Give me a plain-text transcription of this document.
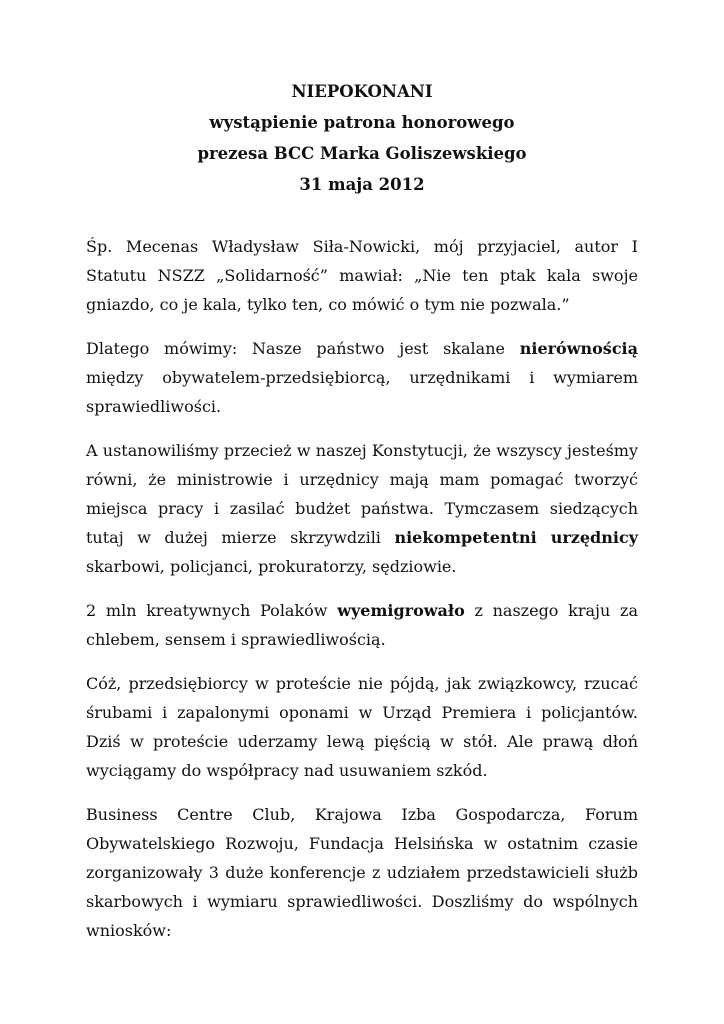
NIEPOKONANI
wystąpienie patrona honorowego
prezesa BCC Marka Goliszewskiego
31 maja 2012

Śp. Mecenas Władysław Siła-Nowicki, mój przyjaciel, autor I Statutu NSZZ „Solidarność” mawiał: „Nie ten ptak kala swoje gniazdo, co je kala, tylko ten, co mówić o tym nie pozwala.”

Dlatego mówimy: Nasze państwo jest skalane nierównością między obywatelem-przedsiębiorcą, urzędnikami i wymiarem sprawiedliwości.

A ustanowiliśmy przecież w naszej Konstytucji, że wszyscy jesteśmy równi, że ministrowie i urzędnicy mają mam pomagać tworzyć miejsca pracy i zasilać budżet państwa. Tymczasem siedzących tutaj w dużej mierze skrzywdzili niekompetentni urzędnicy skarbowi, policjanci, prokuratorzy, sędziowie.

2 mln kreatywnych Polaków wyemigrowało z naszego kraju za chlebem, sensem i sprawiedliwością.

Cóż, przedsiębiorcy w proteście nie pójdą, jak związkowcy, rzucać śrubami i zapalonymi oponami w Urząd Premiera i policjantów. Dziś w proteście uderzamy lewą pięścią w stół. Ale prawą dłoń wyciągamy do współpracy nad usuwaniem szkód.

Business Centre Club, Krajowa Izba Gospodarcza, Forum Obywatelskiego Rozwoju, Fundacja Helsińska w ostatnim czasie zorganizowały 3 duże konferencje z udziałem przedstawicieli służb skarbowych i wymiaru sprawiedliwości. Doszliśmy do wspólnych wniosków:
